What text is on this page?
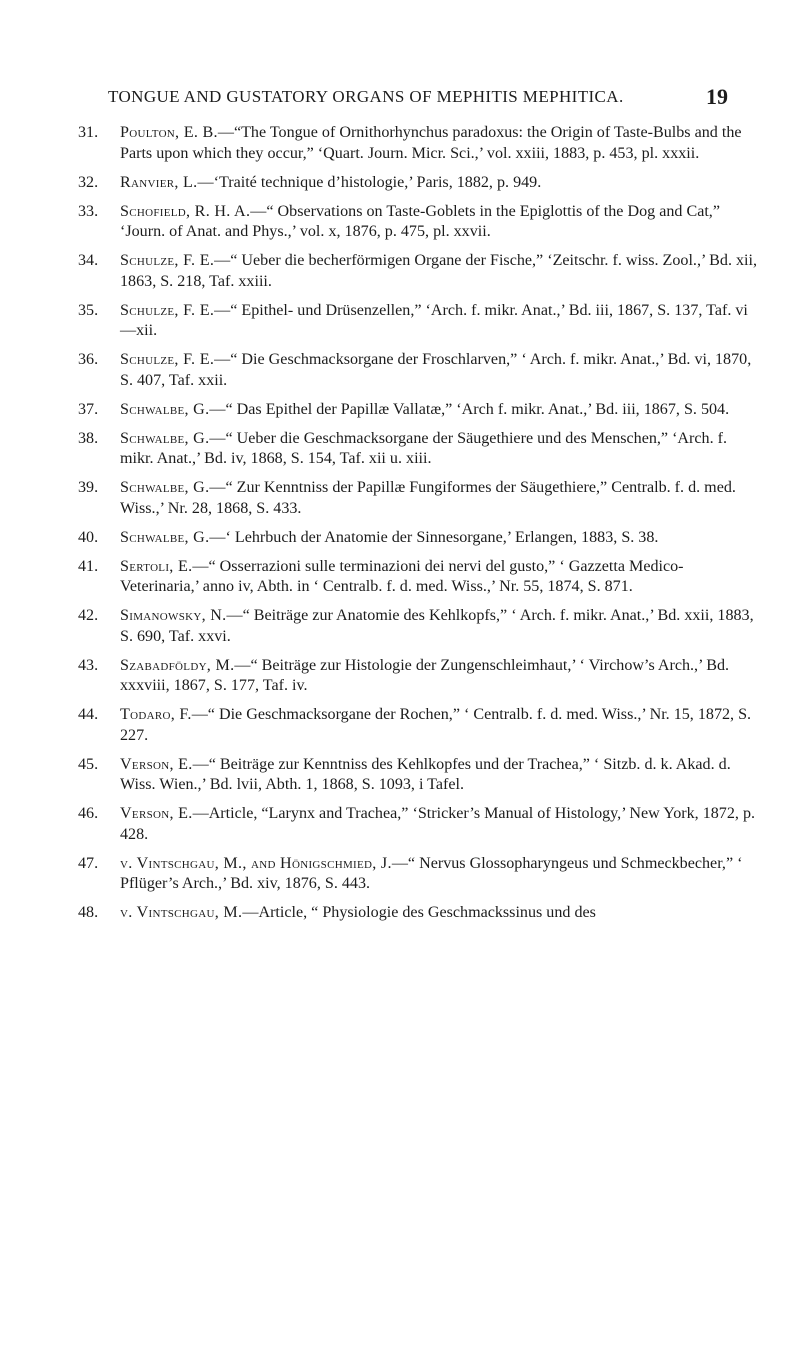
TONGUE AND GUSTATORY ORGANS OF MEPHITIS MEPHITICA.	19
31. Poulton, E. B.—“The Tongue of Ornithorhynchus paradoxus: the Origin of Taste-Bulbs and the Parts upon which they occur,” ‘Quart. Journ. Micr. Sci.,’ vol. xxiii, 1883, p. 453, pl. xxxii.
32. Ranvier, L.—‘Traité technique d’histologie,’ Paris, 1882, p. 949.
33. Schofield, R. H. A.—“ Observations on Taste-Goblets in the Epiglottis of the Dog and Cat,” ‘Journ. of Anat. and Phys.,’ vol. x, 1876, p. 475, pl. xxvii.
34. Schulze, F. E.—“ Ueber die becherförmigen Organe der Fische,” ‘Zeitschr. f. wiss. Zool.,’ Bd. xii, 1863, S. 218, Taf. xxiii.
35. Schulze, F. E.—“ Epithel- und Drüsenzellen,” ‘Arch. f. mikr. Anat.,’ Bd. iii, 1867, S. 137, Taf. vi—xii.
36. Schulze, F. E.—“ Die Geschmacksorgane der Froschlarven,” ‘ Arch. f. mikr. Anat.,’ Bd. vi, 1870, S. 407, Taf. xxii.
37. Schwalbe, G.—“ Das Epithel der Papillæ Vallatæ,” ‘Arch f. mikr. Anat.,’ Bd. iii, 1867, S. 504.
38. Schwalbe, G.—“ Ueber die Geschmacksorgane der Säugethiere und des Menschen,” ‘Arch. f. mikr. Anat.,’ Bd. iv, 1868, S. 154, Taf. xii u. xiii.
39. Schwalbe, G.—“ Zur Kenntniss der Papillæ Fungiformes der Säugethiere,” Centralb. f. d. med. Wiss.,’ Nr. 28, 1868, S. 433.
40. Schwalbe, G.—‘ Lehrbuch der Anatomie der Sinnesorgane,’ Erlangen, 1883, S. 38.
41. Sertoli, E.—“ Osserrazioni sulle terminazioni dei nervi del gusto,” ‘ Gazzetta Medico-Veterinaria,’ anno iv, Abth. in ‘ Centralb. f. d. med. Wiss.,’ Nr. 55, 1874, S. 871.
42. Simanowsky, N.—“ Beiträge zur Anatomie des Kehlkopfs,” ‘ Arch. f. mikr. Anat.,’ Bd. xxii, 1883, S. 690, Taf. xxvi.
43. Szabadföldy, M.—“ Beiträge zur Histologie der Zungenschleimhaut,’ ‘ Virchow’s Arch.,’ Bd. xxxviii, 1867, S. 177, Taf. iv.
44. Todaro, F.—“ Die Geschmacksorgane der Rochen,” ‘ Centralb. f. d. med. Wiss.,’ Nr. 15, 1872, S. 227.
45. Verson, E.—“ Beiträge zur Kenntniss des Kehlkopfes und der Trachea,” ‘ Sitzb. d. k. Akad. d. Wiss. Wien.,’ Bd. lvii, Abth. 1, 1868, S. 1093, i Tafel.
46. Verson, E.—Article, “Larynx and Trachea,” ‘Stricker’s Manual of Histology,’ New York, 1872, p. 428.
47. v. Vintschgau, M., and Hönigschmied, J.—“ Nervus Glossopharyngeus und Schmeckbecher,” ‘ Pflüger’s Arch.,’ Bd. xiv, 1876, S. 443.
48. v. Vintschgau, M.—Article, “ Physiologie des Geschmackssinus und des
